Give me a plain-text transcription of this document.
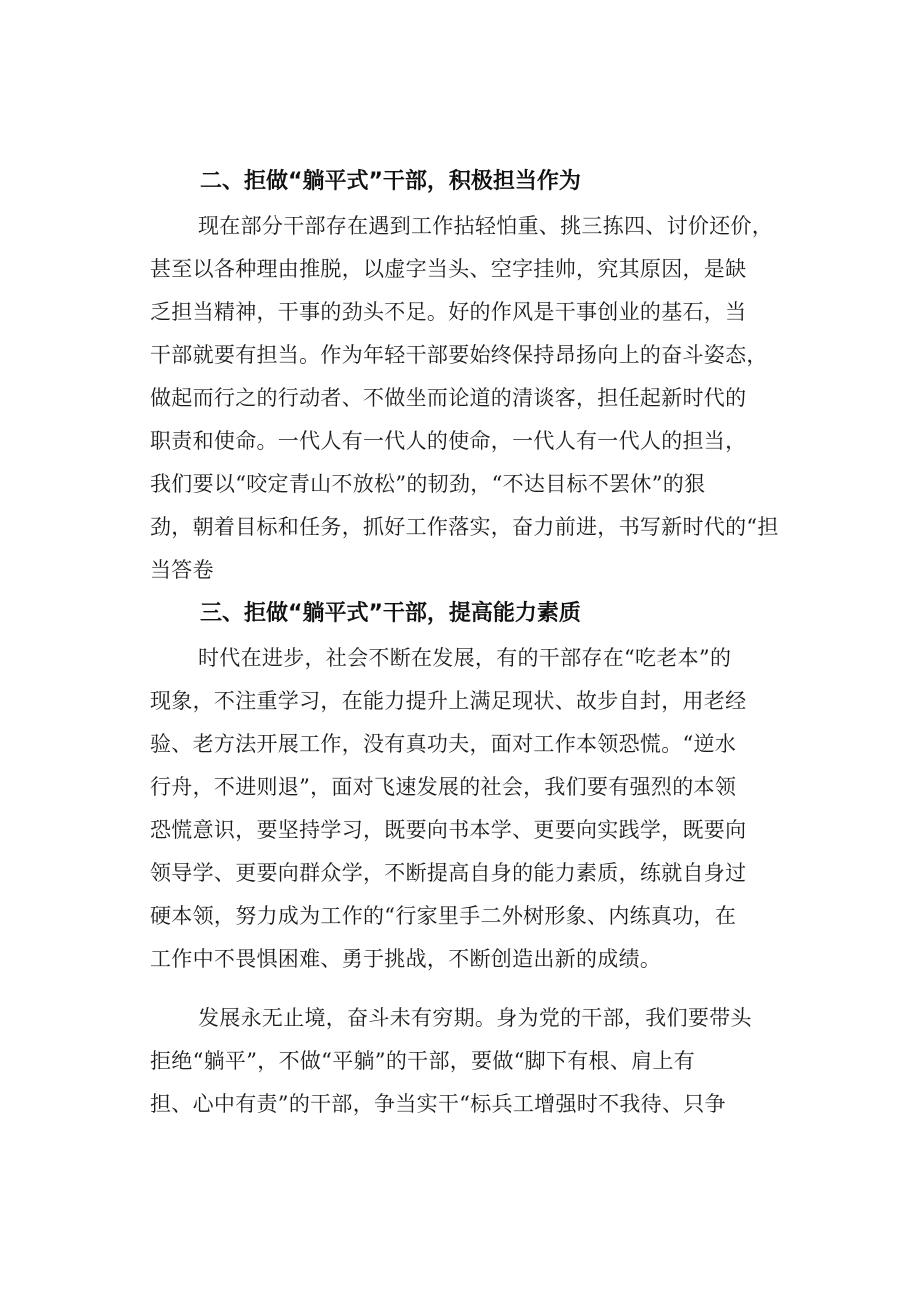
二、拒做“躺平式”干部，积极担当作为
现在部分干部存在遇到工作拈轻怕重、挑三拣四、讨价还价，
甚至以各种理由推脱，以虚字当头、空字挂帅，究其原因，是缺
乏担当精神，干事的劲头不足。好的作风是干事创业的基石，当
干部就要有担当。作为年轻干部要始终保持昂扬向上的奋斗姿态，
做起而行之的行动者、不做坐而论道的清谈客，担任起新时代的
职责和使命。一代人有一代人的使命，一代人有一代人的担当，
我们要以“咬定青山不放松”的韧劲，“不达目标不罢休”的狠
劲，朝着目标和任务，抓好工作落实，奋力前进，书写新时代的“担
当答卷
三、拒做“躺平式”干部，提高能力素质
时代在进步，社会不断在发展，有的干部存在“吃老本”的
现象，不注重学习，在能力提升上满足现状、故步自封，用老经
验、老方法开展工作，没有真功夫，面对工作本领恐慌。“逆水
行舟，不进则退”，面对飞速发展的社会，我们要有强烈的本领
恐慌意识，要坚持学习，既要向书本学、更要向实践学，既要向
领导学、更要向群众学，不断提高自身的能力素质，练就自身过
硬本领，努力成为工作的“行家里手二外树形象、内练真功，在
工作中不畏惧困难、勇于挑战，不断创造出新的成绩。
发展永无止境，奋斗未有穷期。身为党的干部，我们要带头
拒绝“躺平”，不做“平躺”的干部，要做“脚下有根、肩上有
担、心中有责”的干部，争当实干“标兵工增强时不我待、只争
